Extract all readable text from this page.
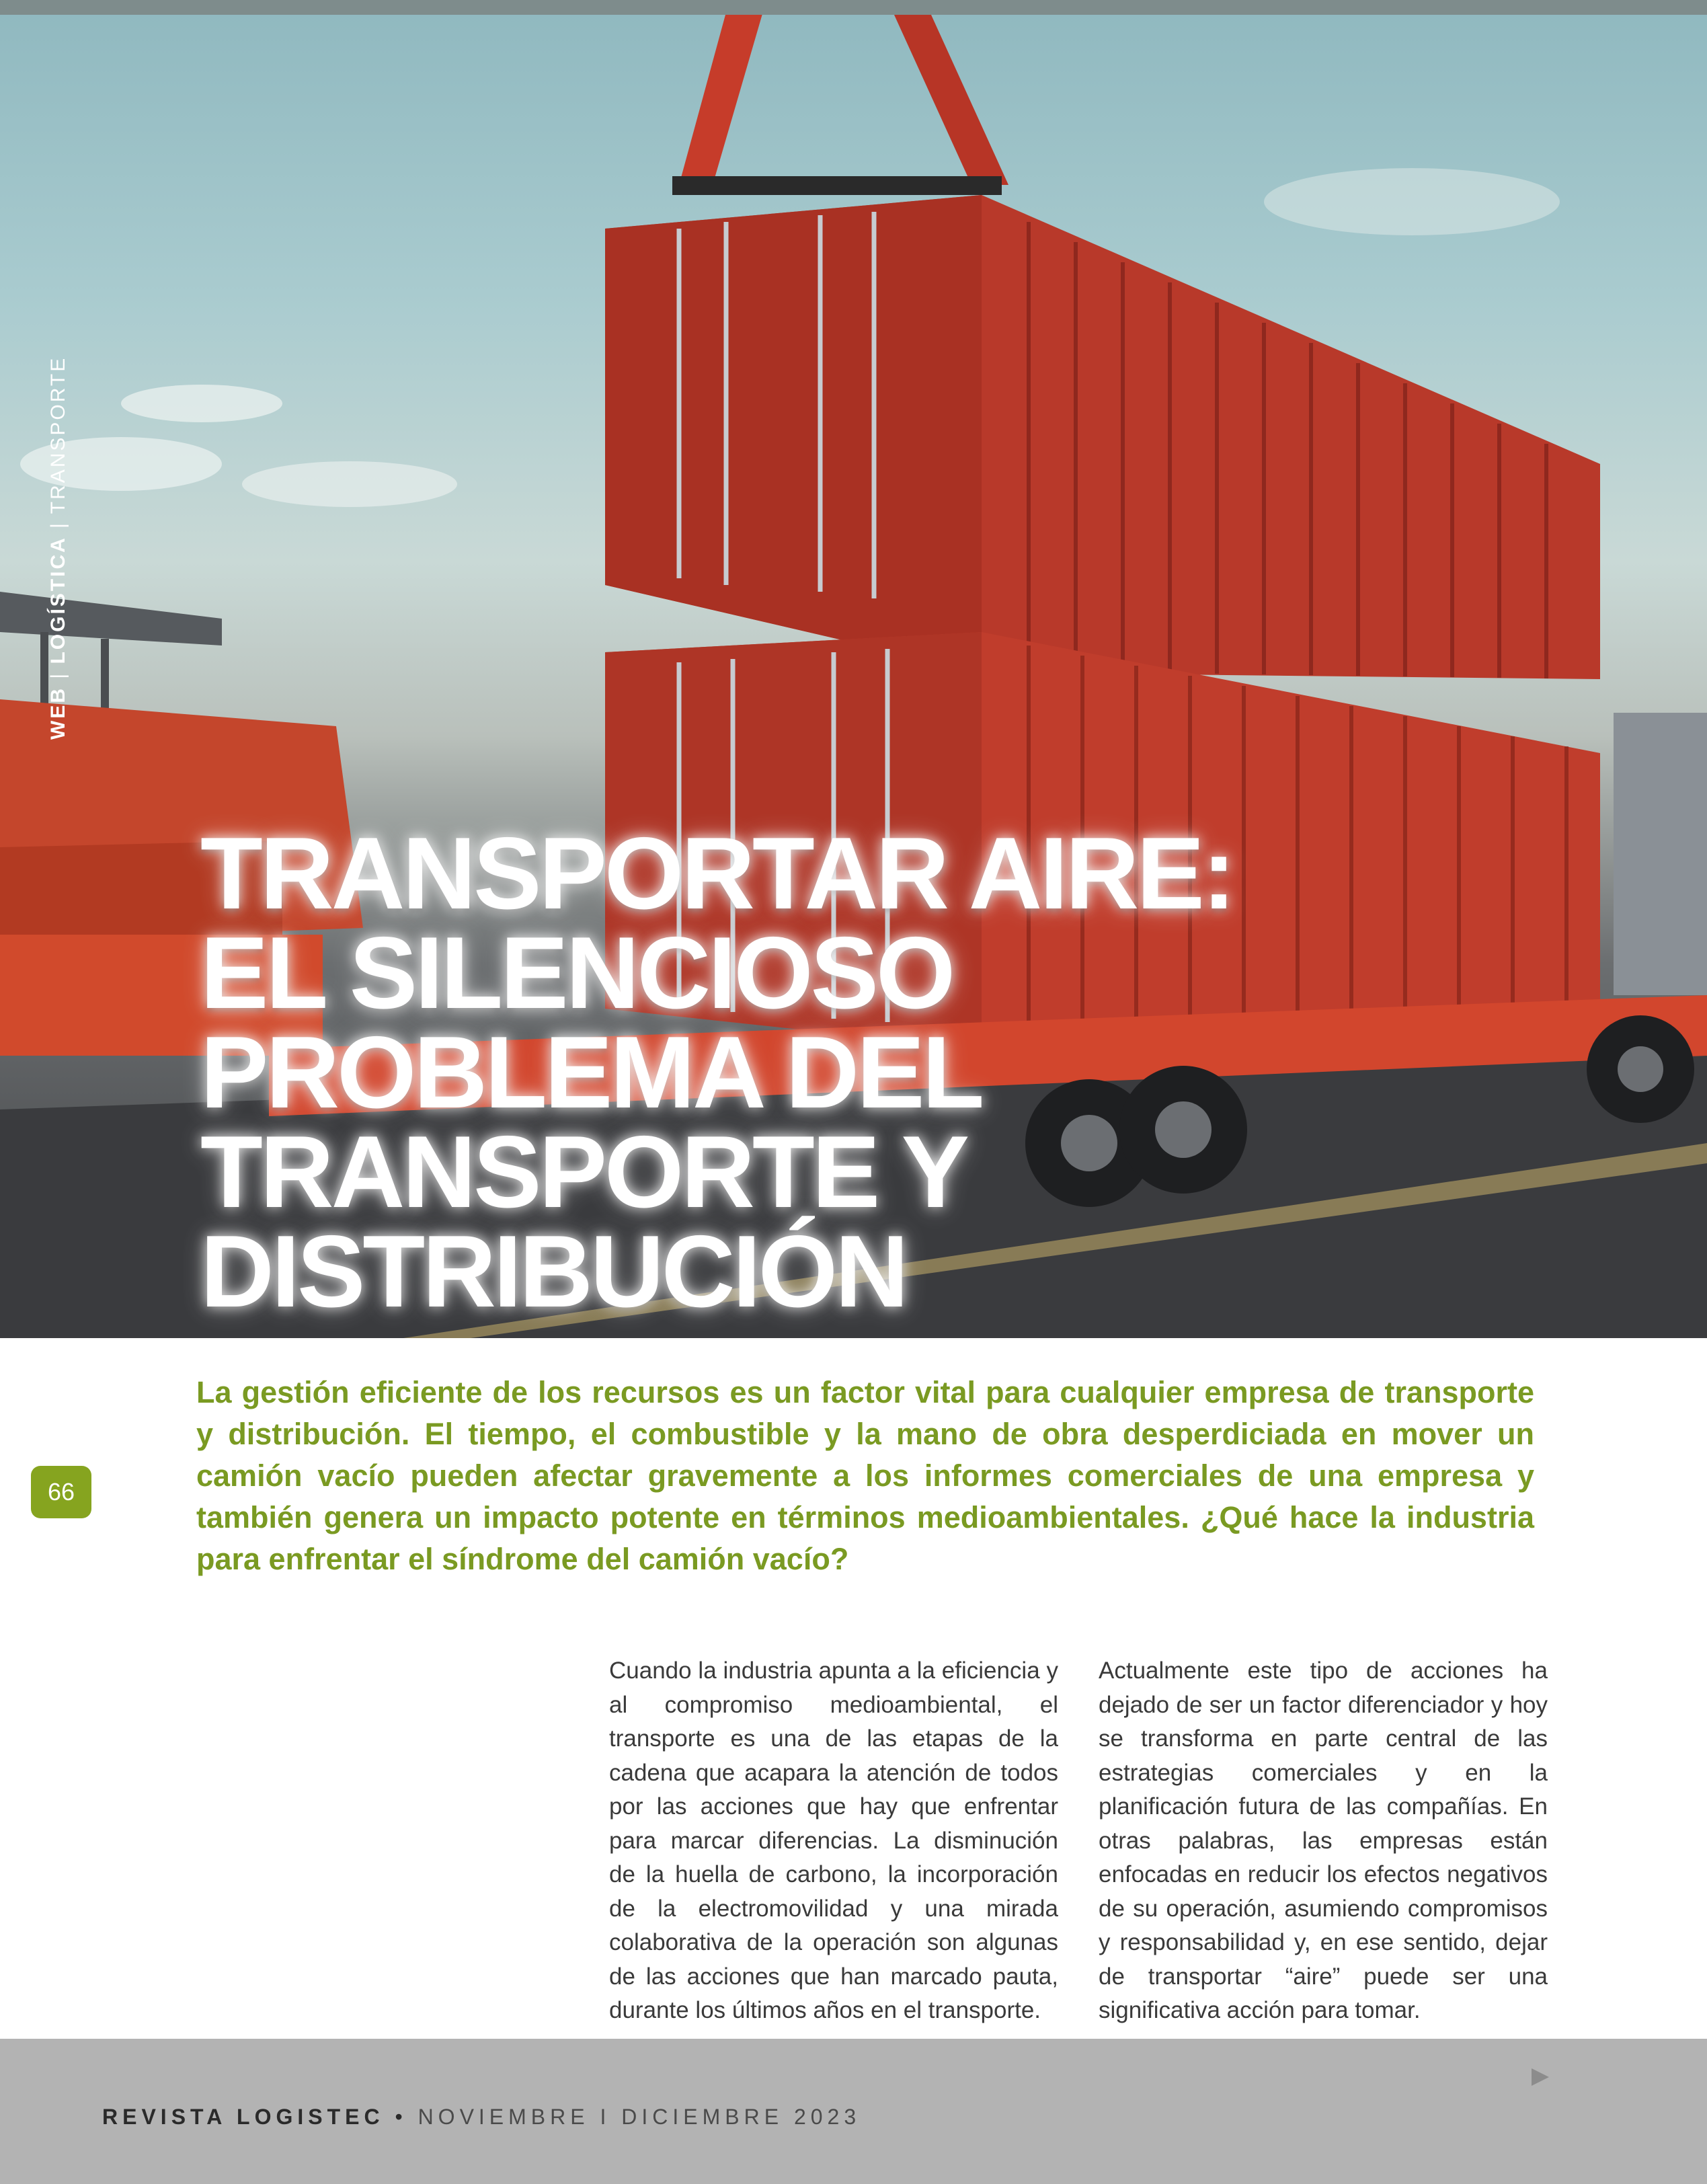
WEB | LOGÍSTICA | TRANSPORTE
TRANSPORTAR AIRE:
EL SILENCIOSO
PROBLEMA DEL
TRANSPORTE Y
DISTRIBUCIÓN

La gestión eficiente de los recursos es un factor vital para cualquier empresa de transporte y distribución. El tiempo, el combustible y la mano de obra desperdiciada en mover un camión vacío pueden afectar gravemente a los informes comerciales de una empresa y también genera un impacto potente en términos medioambientales. ¿Qué hace la industria para enfrentar el síndrome del camión vacío?

66

Cuando la industria apunta a la eficiencia y al compromiso medioambiental, el transporte es una de las etapas de la cadena que acapara la atención de todos por las acciones que hay que enfrentar para marcar diferencias. La disminución de la huella de carbono, la incorporación de la electromovilidad y una mirada colaborativa de la operación son algunas de las acciones que han marcado pauta, durante los últimos años en el transporte.

Actualmente este tipo de acciones ha dejado de ser un factor diferenciador y hoy se transforma en parte central de las estrategias comerciales y en la planificación futura de las compañías. En otras palabras, las empresas están enfocadas en reducir los efectos negativos de su operación, asumiendo compromisos y responsabilidad y, en ese sentido, dejar de transportar “aire” puede ser una significativa acción para tomar.

REVISTA LOGISTEC • NOVIEMBRE I DICIEMBRE 2023
